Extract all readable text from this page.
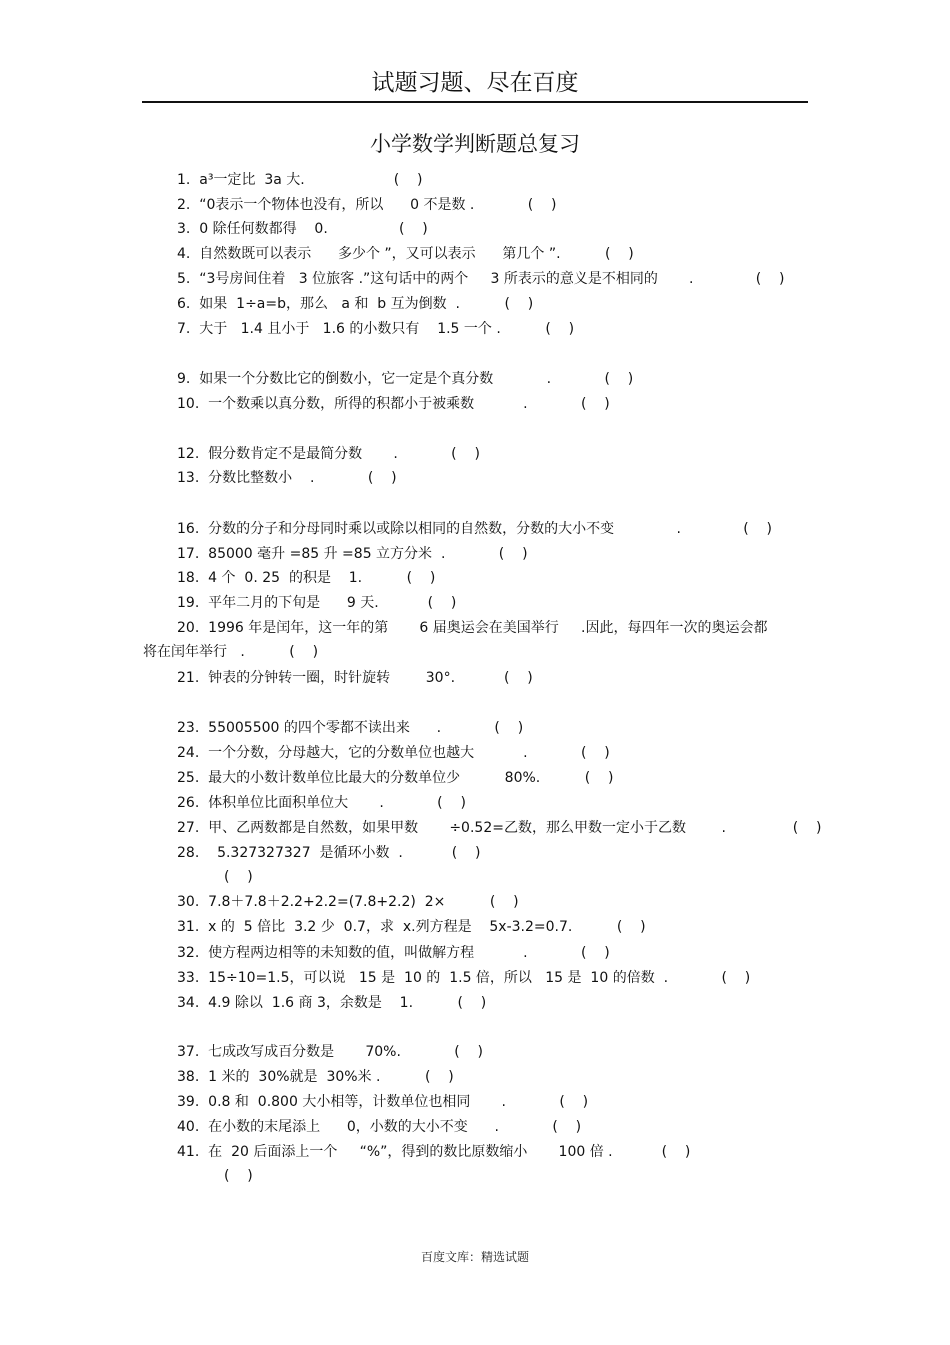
试题习题、尽在百度
小学数学判断题总复习
1. a³一定比  3a 大.                    (    )
2. “0表示一个物体也没有，所以      0 不是数 .            (    )
3. 0 除任何数都得    0.                (    )
4. 自然数既可以表示      多少个 ”，又可以表示      第几个 ”.          (    )
5. “3号房间住着   3 位旅客 .”这句话中的两个     3 所表示的意义是不相同的       .              (    )
6. 如果  1÷a=b，那么   a 和  b 互为倒数  .          (    )
7. 大于   1.4 且小于   1.6 的小数只有    1.5 一个 .          (    )
9. 如果一个分数比它的倒数小，它一定是个真分数            .            (    )
10. 一个数乘以真分数，所得的积都小于被乘数           .            (    )
12. 假分数肯定不是最简分数       .            (    )
13. 分数比整数小    .            (    )
16. 分数的分子和分母同时乘以或除以相同的自然数，分数的大小不变              .              (    )
17. 85000 毫升 =85 升 =85 立方分米  .            (    )
18. 4 个  0. 25  的积是    1.          (    )
19. 平年二月的下旬是      9 天.           (    )
20. 1996 年是闰年，这一年的第       6 届奥运会在美国举行     .因此，每四年一次的奥运会都
将在闰年举行   .          (    )
21. 钟表的分钟转一圈，时针旋转        30°.           (    )
23. 55005500 的四个零都不读出来      .            (    )
24. 一个分数，分母越大，它的分数单位也越大           .            (    )
25. 最大的小数计数单位比最大的分数单位少          80%.          (    )
26. 体积单位比面积单位大       .            (    )
27. 甲、乙两数都是自然数，如果甲数       ÷0.52=乙数，那么甲数一定小于乙数        .               (    )
28.    5.327327327  是循环小数  .           (    )
(    )
30. 7.8＋7.8＋2.2+2.2=(7.8+2.2)  2×          (    )
31. x 的  5 倍比  3.2 少  0.7，求  x.列方程是    5x-3.2=0.7.          (    )
32. 使方程两边相等的未知数的值，叫做解方程           .            (    )
33. 15÷10=1.5，可以说   15 是  10 的  1.5 倍，所以   15 是  10 的倍数  .            (    )
34. 4.9 除以  1.6 商 3，余数是    1.          (    )
37. 七成改写成百分数是       70%.            (    )
38. 1 米的  30%就是  30%米 .          (    )
39. 0.8 和  0.800 大小相等，计数单位也相同       .            (    )
40. 在小数的末尾添上      0，小数的大小不变      .            (    )
41. 在  20 后面添上一个     “%”，得到的数比原数缩小       100 倍 .           (    )
(    )
百度文库：精选试题
